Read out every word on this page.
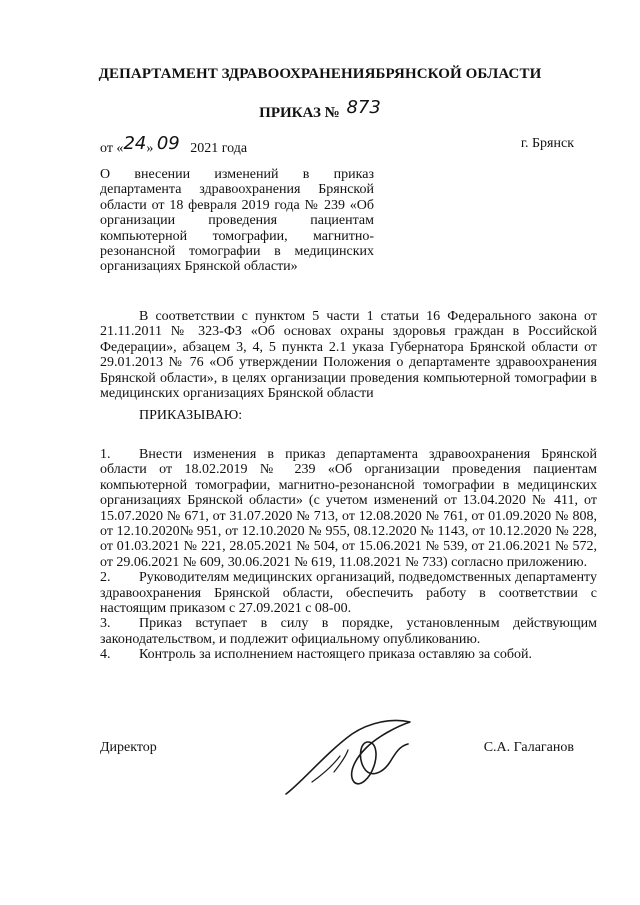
ДЕПАРТАМЕНТ ЗДРАВООХРАНЕНИЯБРЯНСКОЙ ОБЛАСТИ
ПРИКАЗ № 873
от «24» 09 2021 года	г. Брянск
О внесении изменений в приказ департамента здравоохранения Брянской области от 18 февраля 2019 года № 239 «Об организации проведения пациентам компьютерной томографии, магнитно-резонансной томографии в медицинских организациях Брянской области»

В соответствии с пунктом 5 части 1 статьи 16 Федерального закона от 21.11.2011 № 323-ФЗ «Об основах охраны здоровья граждан в Российской Федерации», абзацем 3, 4, 5 пункта 2.1 указа Губернатора Брянской области от 29.01.2013 № 76 «Об утверждении Положения о департаменте здравоохранения Брянской области», в целях организации проведения компьютерной томографии в медицинских организациях Брянской области

ПРИКАЗЫВАЮ:

1. Внести изменения в приказ департамента здравоохранения Брянской области от 18.02.2019 № 239 «Об организации проведения пациентам компьютерной томографии, магнитно-резонансной томографии в медицинских организациях Брянской области» (с учетом изменений от 13.04.2020 № 411, от 15.07.2020 № 671, от 31.07.2020 № 713, от 12.08.2020 № 761, от 01.09.2020 № 808, от 12.10.2020№ 951, от 12.10.2020 № 955, 08.12.2020 № 1143, от 10.12.2020 № 228, от 01.03.2021 № 221, 28.05.2021 № 504, от 15.06.2021 № 539, от 21.06.2021 № 572, от 29.06.2021 № 609, 30.06.2021 № 619, 11.08.2021 № 733) согласно приложению.

2. Руководителям медицинских организаций, подведомственных департаменту здравоохранения Брянской области, обеспечить работу в соответствии с настоящим приказом с 27.09.2021 с 08-00.

3. Приказ вступает в силу в порядке, установленным действующим законодательством, и подлежит официальному опубликованию.

4. Контроль за исполнением настоящего приказа оставляю за собой.

Директор	С.А. Галаганов
